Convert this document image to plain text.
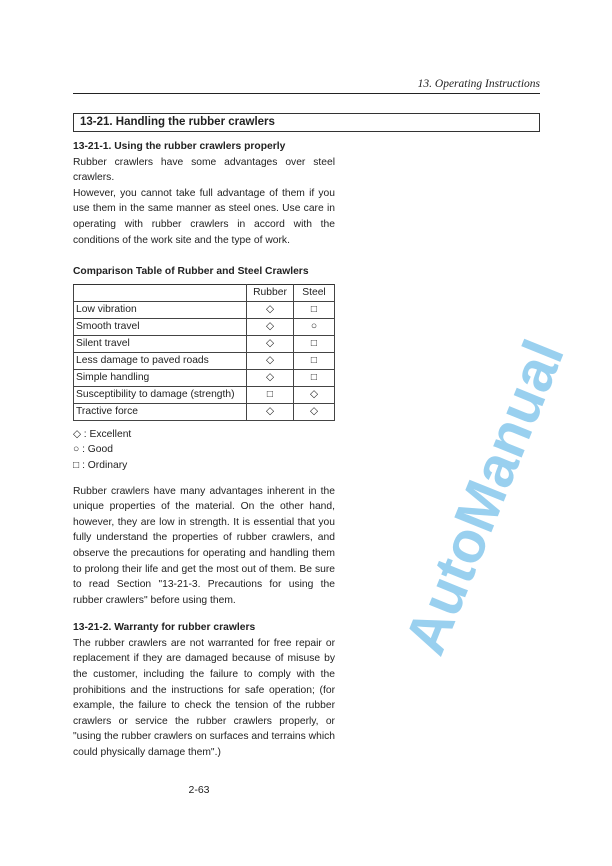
13. Operating Instructions
13-21. Handling the rubber crawlers
13-21-1. Using the rubber crawlers properly

Rubber crawlers have some advantages over steel crawlers.

However, you cannot take full advantage of them if you use them in the same manner as steel ones. Use care in operating with rubber crawlers in accord with the conditions of the work site and the type of work.

Comparison Table of Rubber and Steel Crawlers
	Rubber	Steel
Low vibration	◇	□
Smooth travel	◇	○
Silent travel	◇	□
Less damage to paved roads	◇	□
Simple handling	◇	□
Susceptibility to damage (strength)	□	◇
Tractive force	◇	◇
◇ : Excellent
○ : Good
□ : Ordinary

Rubber crawlers have many advantages inherent in the unique properties of the material. On the other hand, however, they are low in strength. It is essential that you fully understand the properties of rubber crawlers, and observe the precautions for operating and handling them to prolong their life and get the most out of them. Be sure to read Section "13-21-3. Precautions for using the rubber crawlers" before using them.

13-21-2. Warranty for rubber crawlers

The rubber crawlers are not warranted for free repair or replacement if they are damaged because of misuse by the customer, including the failure to comply with the prohibitions and the instructions for safe operation; (for example, the failure to check the tension of the rubber crawlers or service the rubber crawlers properly, or "using the rubber crawlers on surfaces and terrains which could physically damage them".)

2-63
AutoManual
